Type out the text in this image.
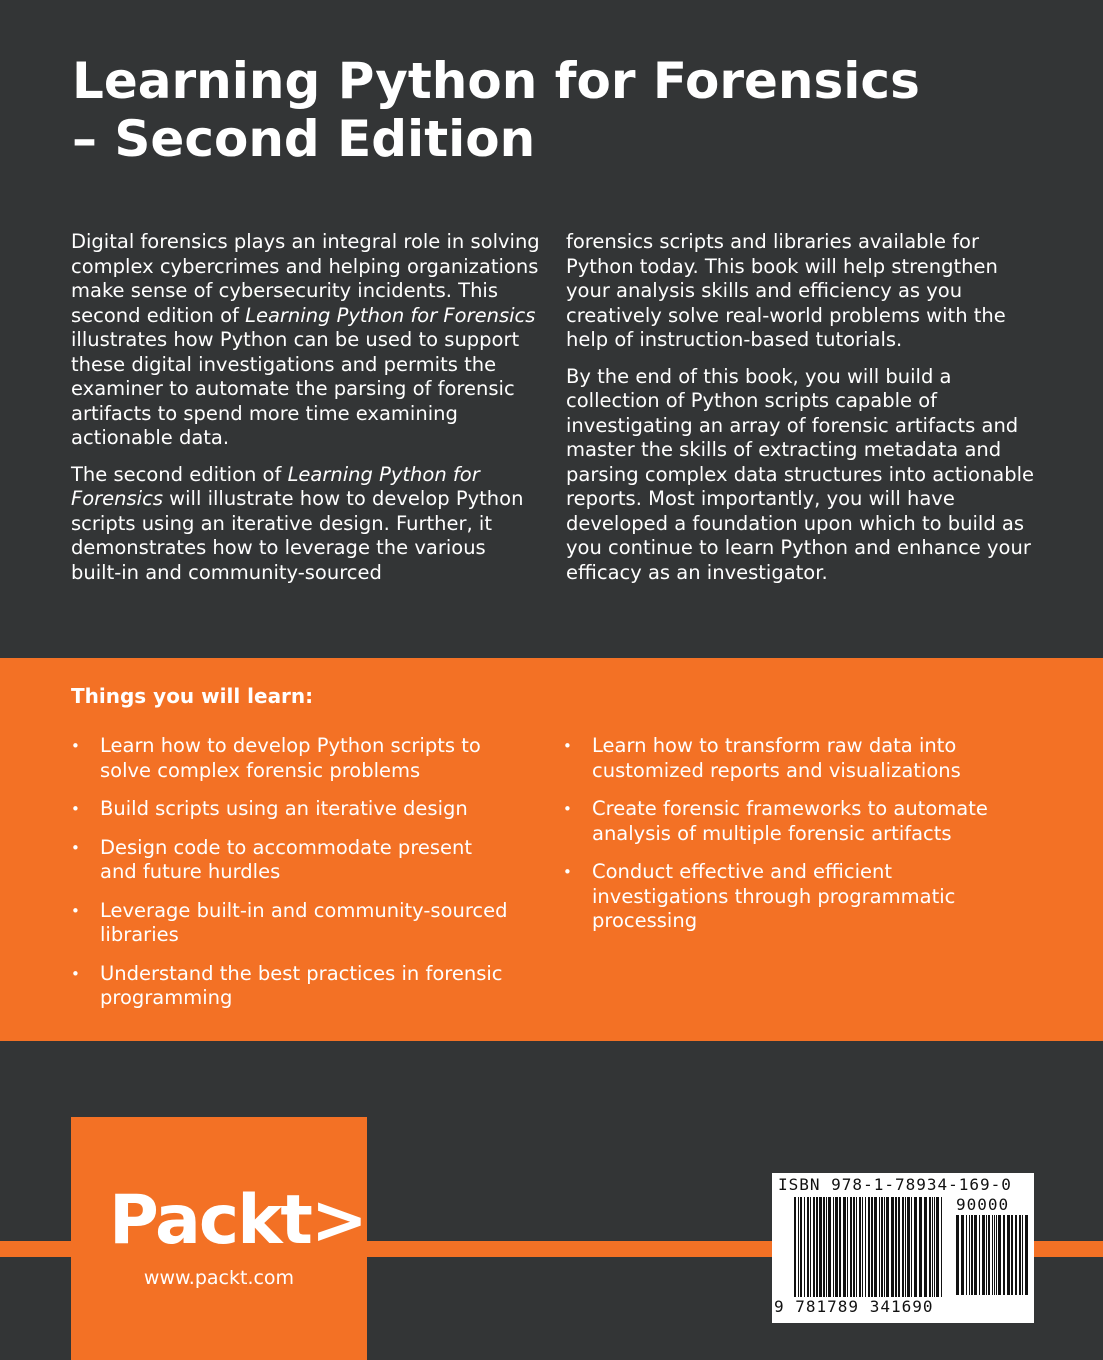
Learning Python for Forensics
– Second Edition

Digital forensics plays an integral role in solving complex cybercrimes and helping organizations make sense of cybersecurity incidents. This second edition of Learning Python for Forensics illustrates how Python can be used to support these digital investigations and permits the examiner to automate the parsing of forensic artifacts to spend more time examining actionable data.

The second edition of Learning Python for Forensics will illustrate how to develop Python scripts using an iterative design. Further, it demonstrates how to leverage the various built-in and community-sourced

forensics scripts and libraries available for Python today. This book will help strengthen your analysis skills and efficiency as you creatively solve real-world problems with the help of instruction-based tutorials.

By the end of this book, you will build a collection of Python scripts capable of investigating an array of forensic artifacts and master the skills of extracting metadata and parsing complex data structures into actionable reports. Most importantly, you will have developed a foundation upon which to build as you continue to learn Python and enhance your efficacy as an investigator.

Things you will learn:
• Learn how to develop Python scripts to solve complex forensic problems
• Build scripts using an iterative design
• Design code to accommodate present and future hurdles
• Leverage built-in and community-sourced libraries
• Understand the best practices in forensic programming
• Learn how to transform raw data into customized reports and visualizations
• Create forensic frameworks to automate analysis of multiple forensic artifacts
• Conduct effective and efficient investigations through programmatic processing
Packt>
www.packt.com
ISBN 978-1-78934-169-0
90000
9 781789 341690
